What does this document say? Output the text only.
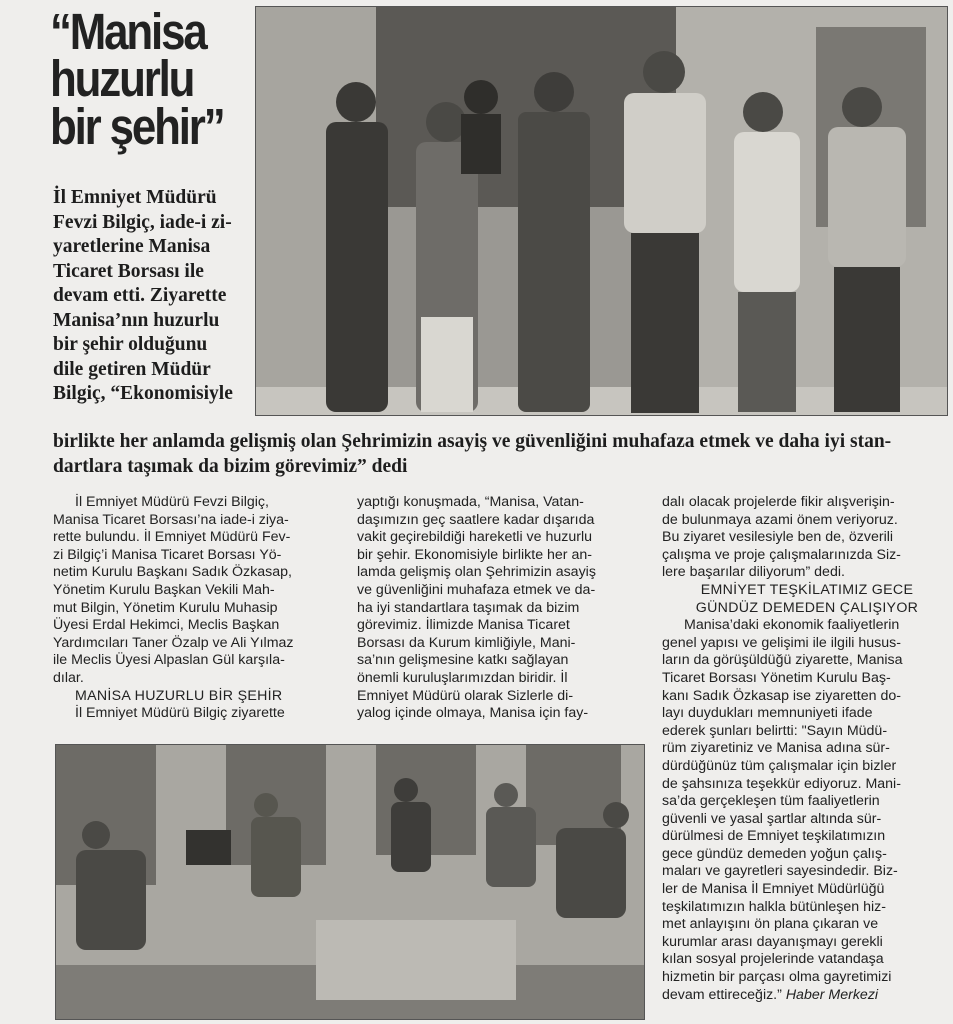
“Manisa
huzurlu
bir şehir”
İl Emniyet Müdürü
Fevzi Bilgiç, iade-i zi-
yaretlerine Manisa
Ticaret Borsası ile
devam etti. Ziyarette
Manisa’nın huzurlu
bir şehir olduğunu
dile getiren Müdür
Bilgiç, “Ekonomisiyle
birlikte her anlamda gelişmiş olan Şehrimizin asayiş ve güvenliğini muhafaza etmek ve daha iyi stan-
dartlara taşımak da bizim görevimiz” dedi
İl Emniyet Müdürü Fevzi Bilgiç,
Manisa Ticaret Borsası’na iade-i ziya-
rette bulundu. İl Emniyet Müdürü Fev-
zi Bilgiç’i Manisa Ticaret Borsası Yö-
netim Kurulu Başkanı Sadık Özkasap,
Yönetim Kurulu Başkan Vekili Mah-
mut Bilgin, Yönetim Kurulu Muhasip
Üyesi Erdal Hekimci, Meclis Başkan
Yardımcıları Taner Özalp ve Ali Yılmaz
ile Meclis Üyesi Alpaslan Gül karşıla-
dılar.
MANİSA HUZURLU BİR ŞEHİR
İl Emniyet Müdürü Bilgiç ziyarette
yaptığı konuşmada, “Manisa, Vatan-
daşımızın geç saatlere kadar dışarıda
vakit geçirebildiği hareketli ve huzurlu
bir şehir. Ekonomisiyle birlikte her an-
lamda gelişmiş olan Şehrimizin asayiş
ve güvenliğini muhafaza etmek ve da-
ha iyi standartlara taşımak da bizim
görevimiz. İlimizde Manisa Ticaret
Borsası da Kurum kimliğiyle, Mani-
sa’nın gelişmesine katkı sağlayan
önemli kuruluşlarımızdan biridir. İl
Emniyet Müdürü olarak Sizlerle di-
yalog içinde olmaya, Manisa için fay-
dalı olacak projelerde fikir alışverişin-
de bulunmaya azami önem veriyoruz.
Bu ziyaret vesilesiyle ben de, özverili
çalışma ve proje çalışmalarınızda Siz-
lere başarılar diliyorum” dedi.
EMNİYET TEŞKİLATIMIZ GECE
GÜNDÜZ DEMEDEN ÇALIŞIYOR
Manisa’daki ekonomik faaliyetlerin
genel yapısı ve gelişimi ile ilgili husus-
ların da görüşüldüğü ziyarette, Manisa
Ticaret Borsası Yönetim Kurulu Baş-
kanı Sadık Özkasap ise ziyaretten do-
layı duydukları memnuniyeti ifade
ederek şunları belirtti: "Sayın Müdü-
rüm ziyaretiniz ve Manisa adına sür-
dürdüğünüz tüm çalışmalar için bizler
de şahsınıza teşekkür ediyoruz. Mani-
sa’da gerçekleşen tüm faaliyetlerin
güvenli ve yasal şartlar altında sür-
dürülmesi de Emniyet teşkilatımızın
gece gündüz demeden yoğun çalış-
maları ve gayretleri sayesindedir. Biz-
ler de Manisa İl Emniyet Müdürlüğü
teşkilatımızın halkla bütünleşen hiz-
met anlayışını ön plana çıkaran ve
kurumlar arası dayanışmayı gerekli
kılan sosyal projelerinde vatandaşa
hizmetin bir parçası olma gayretimizi
devam ettireceğiz.” Haber Merkezi
